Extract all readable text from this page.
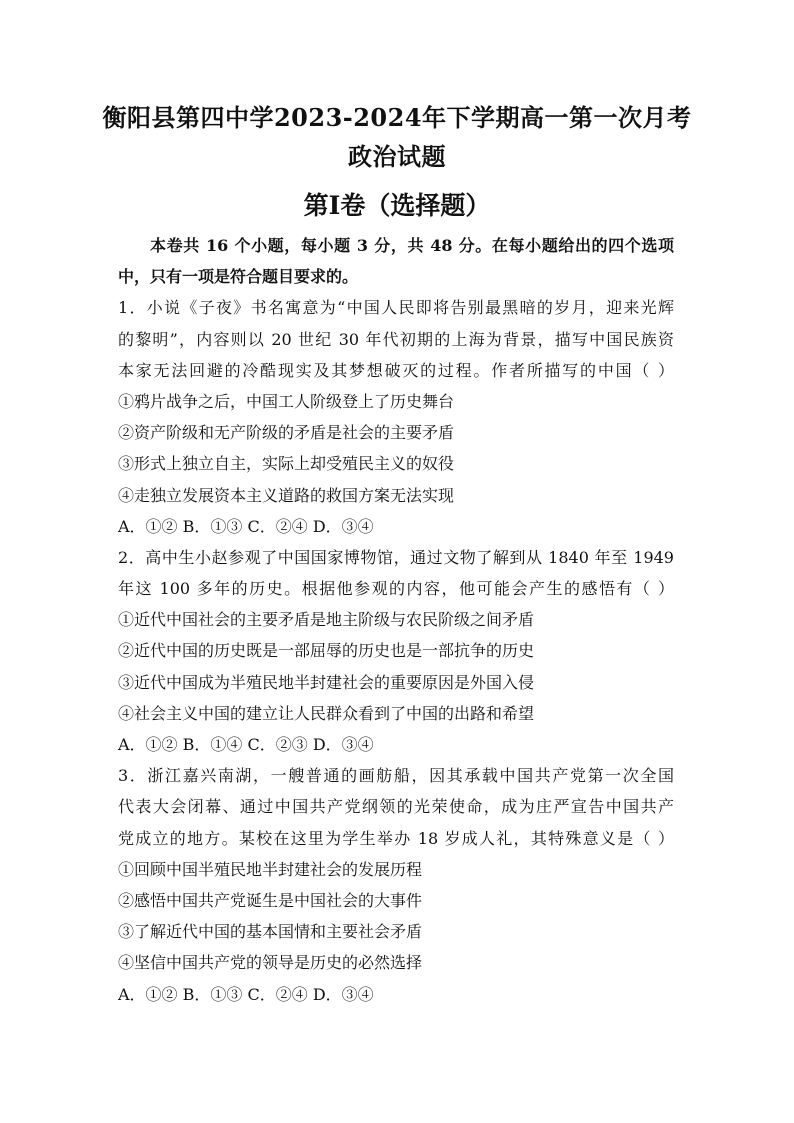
衡阳县第四中学2023-2024年下学期高一第一次月考
政治试题
第Ⅰ卷（选择题）
本卷共 16 个小题，每小题 3 分，共 48 分。在每小题给出的四个选项
中，只有一项是符合题目要求的。
1．小说《子夜》书名寓意为“中国人民即将告别最黑暗的岁月，迎来光辉
的黎明”，内容则以 20 世纪 30 年代初期的上海为背景，描写中国民族资
本家无法回避的冷酷现实及其梦想破灭的过程。作者所描写的中国（ ）
①鸦片战争之后，中国工人阶级登上了历史舞台
②资产阶级和无产阶级的矛盾是社会的主要矛盾
③形式上独立自主，实际上却受殖民主义的奴役
④走独立发展资本主义道路的救国方案无法实现
A．①② B．①③ C．②④ D．③④
2．高中生小赵参观了中国国家博物馆，通过文物了解到从 1840 年至 1949
年这 100 多年的历史。根据他参观的内容，他可能会产生的感悟有（ ）
①近代中国社会的主要矛盾是地主阶级与农民阶级之间矛盾
②近代中国的历史既是一部屈辱的历史也是一部抗争的历史
③近代中国成为半殖民地半封建社会的重要原因是外国入侵
④社会主义中国的建立让人民群众看到了中国的出路和希望
A．①② B．①④ C．②③ D．③④
3．浙江嘉兴南湖，一艘普通的画舫船，因其承载中国共产党第一次全国
代表大会闭幕、通过中国共产党纲领的光荣使命，成为庄严宣告中国共产
党成立的地方。某校在这里为学生举办 18 岁成人礼，其特殊意义是（ ）
①回顾中国半殖民地半封建社会的发展历程
②感悟中国共产党诞生是中国社会的大事件
③了解近代中国的基本国情和主要社会矛盾
④坚信中国共产党的领导是历史的必然选择
A．①② B．①③ C．②④ D．③④
